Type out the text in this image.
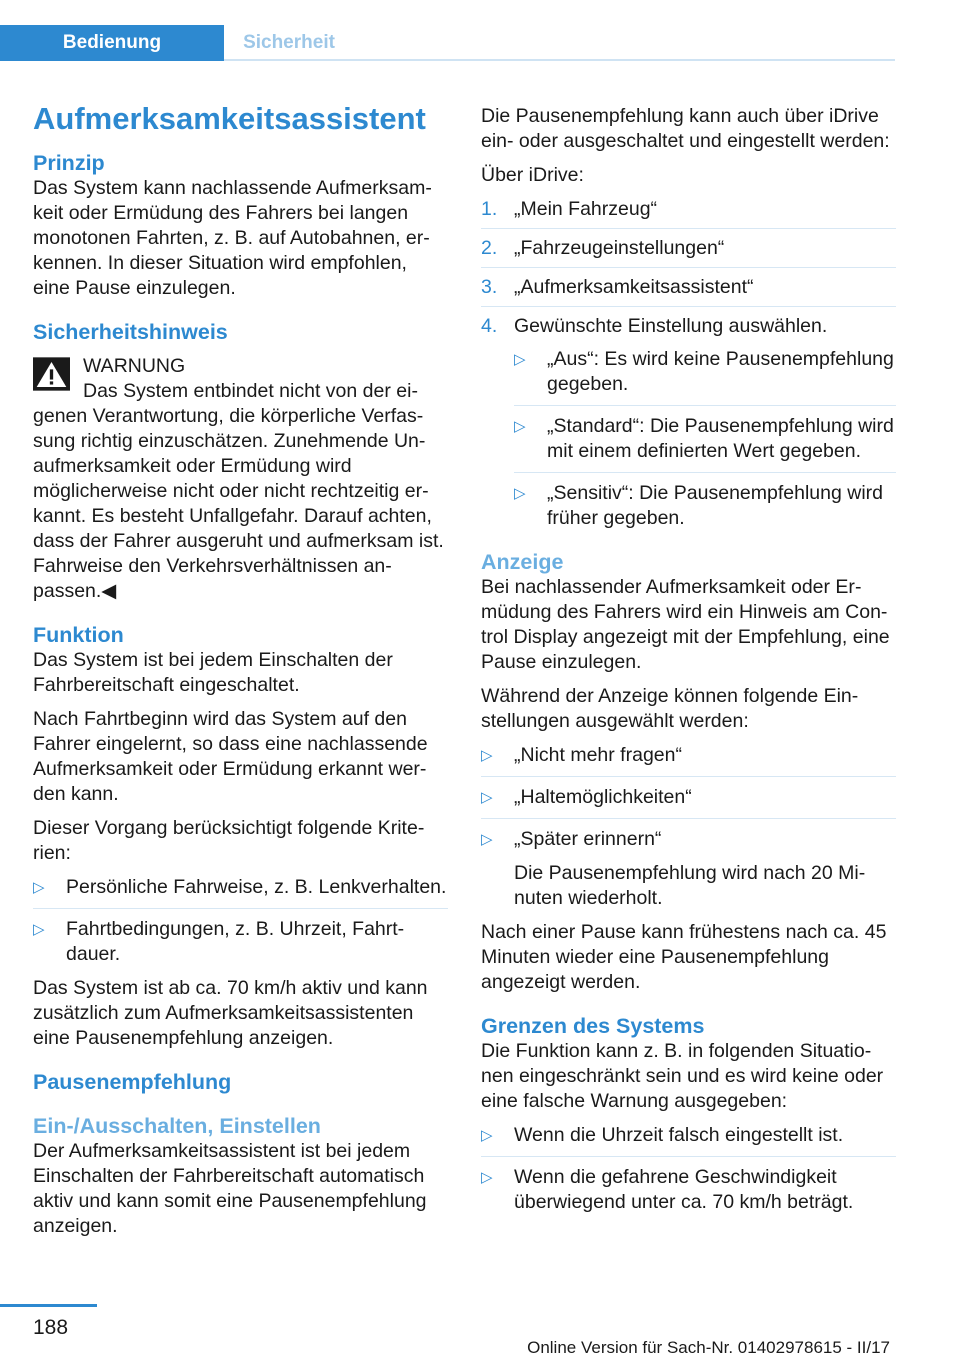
Bedienung	Sicherheit
Aufmerksamkeitsassistent
Prinzip

Das System kann nachlassende Aufmerksamkeit oder Ermüdung des Fahrers bei langen monotonen Fahrten, z. B. auf Autobahnen, erkennen. In dieser Situation wird empfohlen, eine Pause einzulegen.

Sicherheitshinweis
WARNUNG

Das System entbindet nicht von der eigenen Verantwortung, die körperliche Verfassung richtig einzuschätzen. Zunehmende Unaufmerksamkeit oder Ermüdung wird möglicherweise nicht oder nicht rechtzeitig erkannt. Es besteht Unfallgefahr. Darauf achten, dass der Fahrer ausgeruht und aufmerksam ist. Fahrweise den Verkehrsverhältnissen anpassen.◀

Funktion

Das System ist bei jedem Einschalten der Fahrbereitschaft eingeschaltet.

Nach Fahrtbeginn wird das System auf den Fahrer eingelernt, so dass eine nachlassende Aufmerksamkeit oder Ermüdung erkannt werden kann.

Dieser Vorgang berücksichtigt folgende Kriterien:

▷ Persönliche Fahrweise, z. B. Lenkverhalten.
▷ Fahrtbedingungen, z. B. Uhrzeit, Fahrtdauer.

Das System ist ab ca. 70 km/h aktiv und kann zusätzlich zum Aufmerksamkeitsassistenten eine Pausenempfehlung anzeigen.

Pausenempfehlung
Ein-/Ausschalten, Einstellen

Der Aufmerksamkeitsassistent ist bei jedem Einschalten der Fahrbereitschaft automatisch aktiv und kann somit eine Pausenempfehlung anzeigen.

Die Pausenempfehlung kann auch über iDrive ein- oder ausgeschaltet und eingestellt werden:

Über iDrive:

1. „Mein Fahrzeug“
2. „Fahrzeugeinstellungen“
3. „Aufmerksamkeitsassistent“
4. Gewünschte Einstellung auswählen.
▷ „Aus“: Es wird keine Pausenempfehlung gegeben.
▷ „Standard“: Die Pausenempfehlung wird mit einem definierten Wert gegeben.
▷ „Sensitiv“: Die Pausenempfehlung wird früher gegeben.
Anzeige

Bei nachlassender Aufmerksamkeit oder Ermüdung des Fahrers wird ein Hinweis am Control Display angezeigt mit der Empfehlung, eine Pause einzulegen.

Während der Anzeige können folgende Einstellungen ausgewählt werden:

▷ „Nicht mehr fragen“
▷ „Haltemöglichkeiten“
▷ „Später erinnern“
Die Pausenempfehlung wird nach 20 Minuten wiederholt.

Nach einer Pause kann frühestens nach ca. 45 Minuten wieder eine Pausenempfehlung angezeigt werden.

Grenzen des Systems

Die Funktion kann z. B. in folgenden Situationen eingeschränkt sein und es wird keine oder eine falsche Warnung ausgegeben:

▷ Wenn die Uhrzeit falsch eingestellt ist.
▷ Wenn die gefahrene Geschwindigkeit überwiegend unter ca. 70 km/h beträgt.
188
Online Version für Sach-Nr. 01402978615 - II/17
